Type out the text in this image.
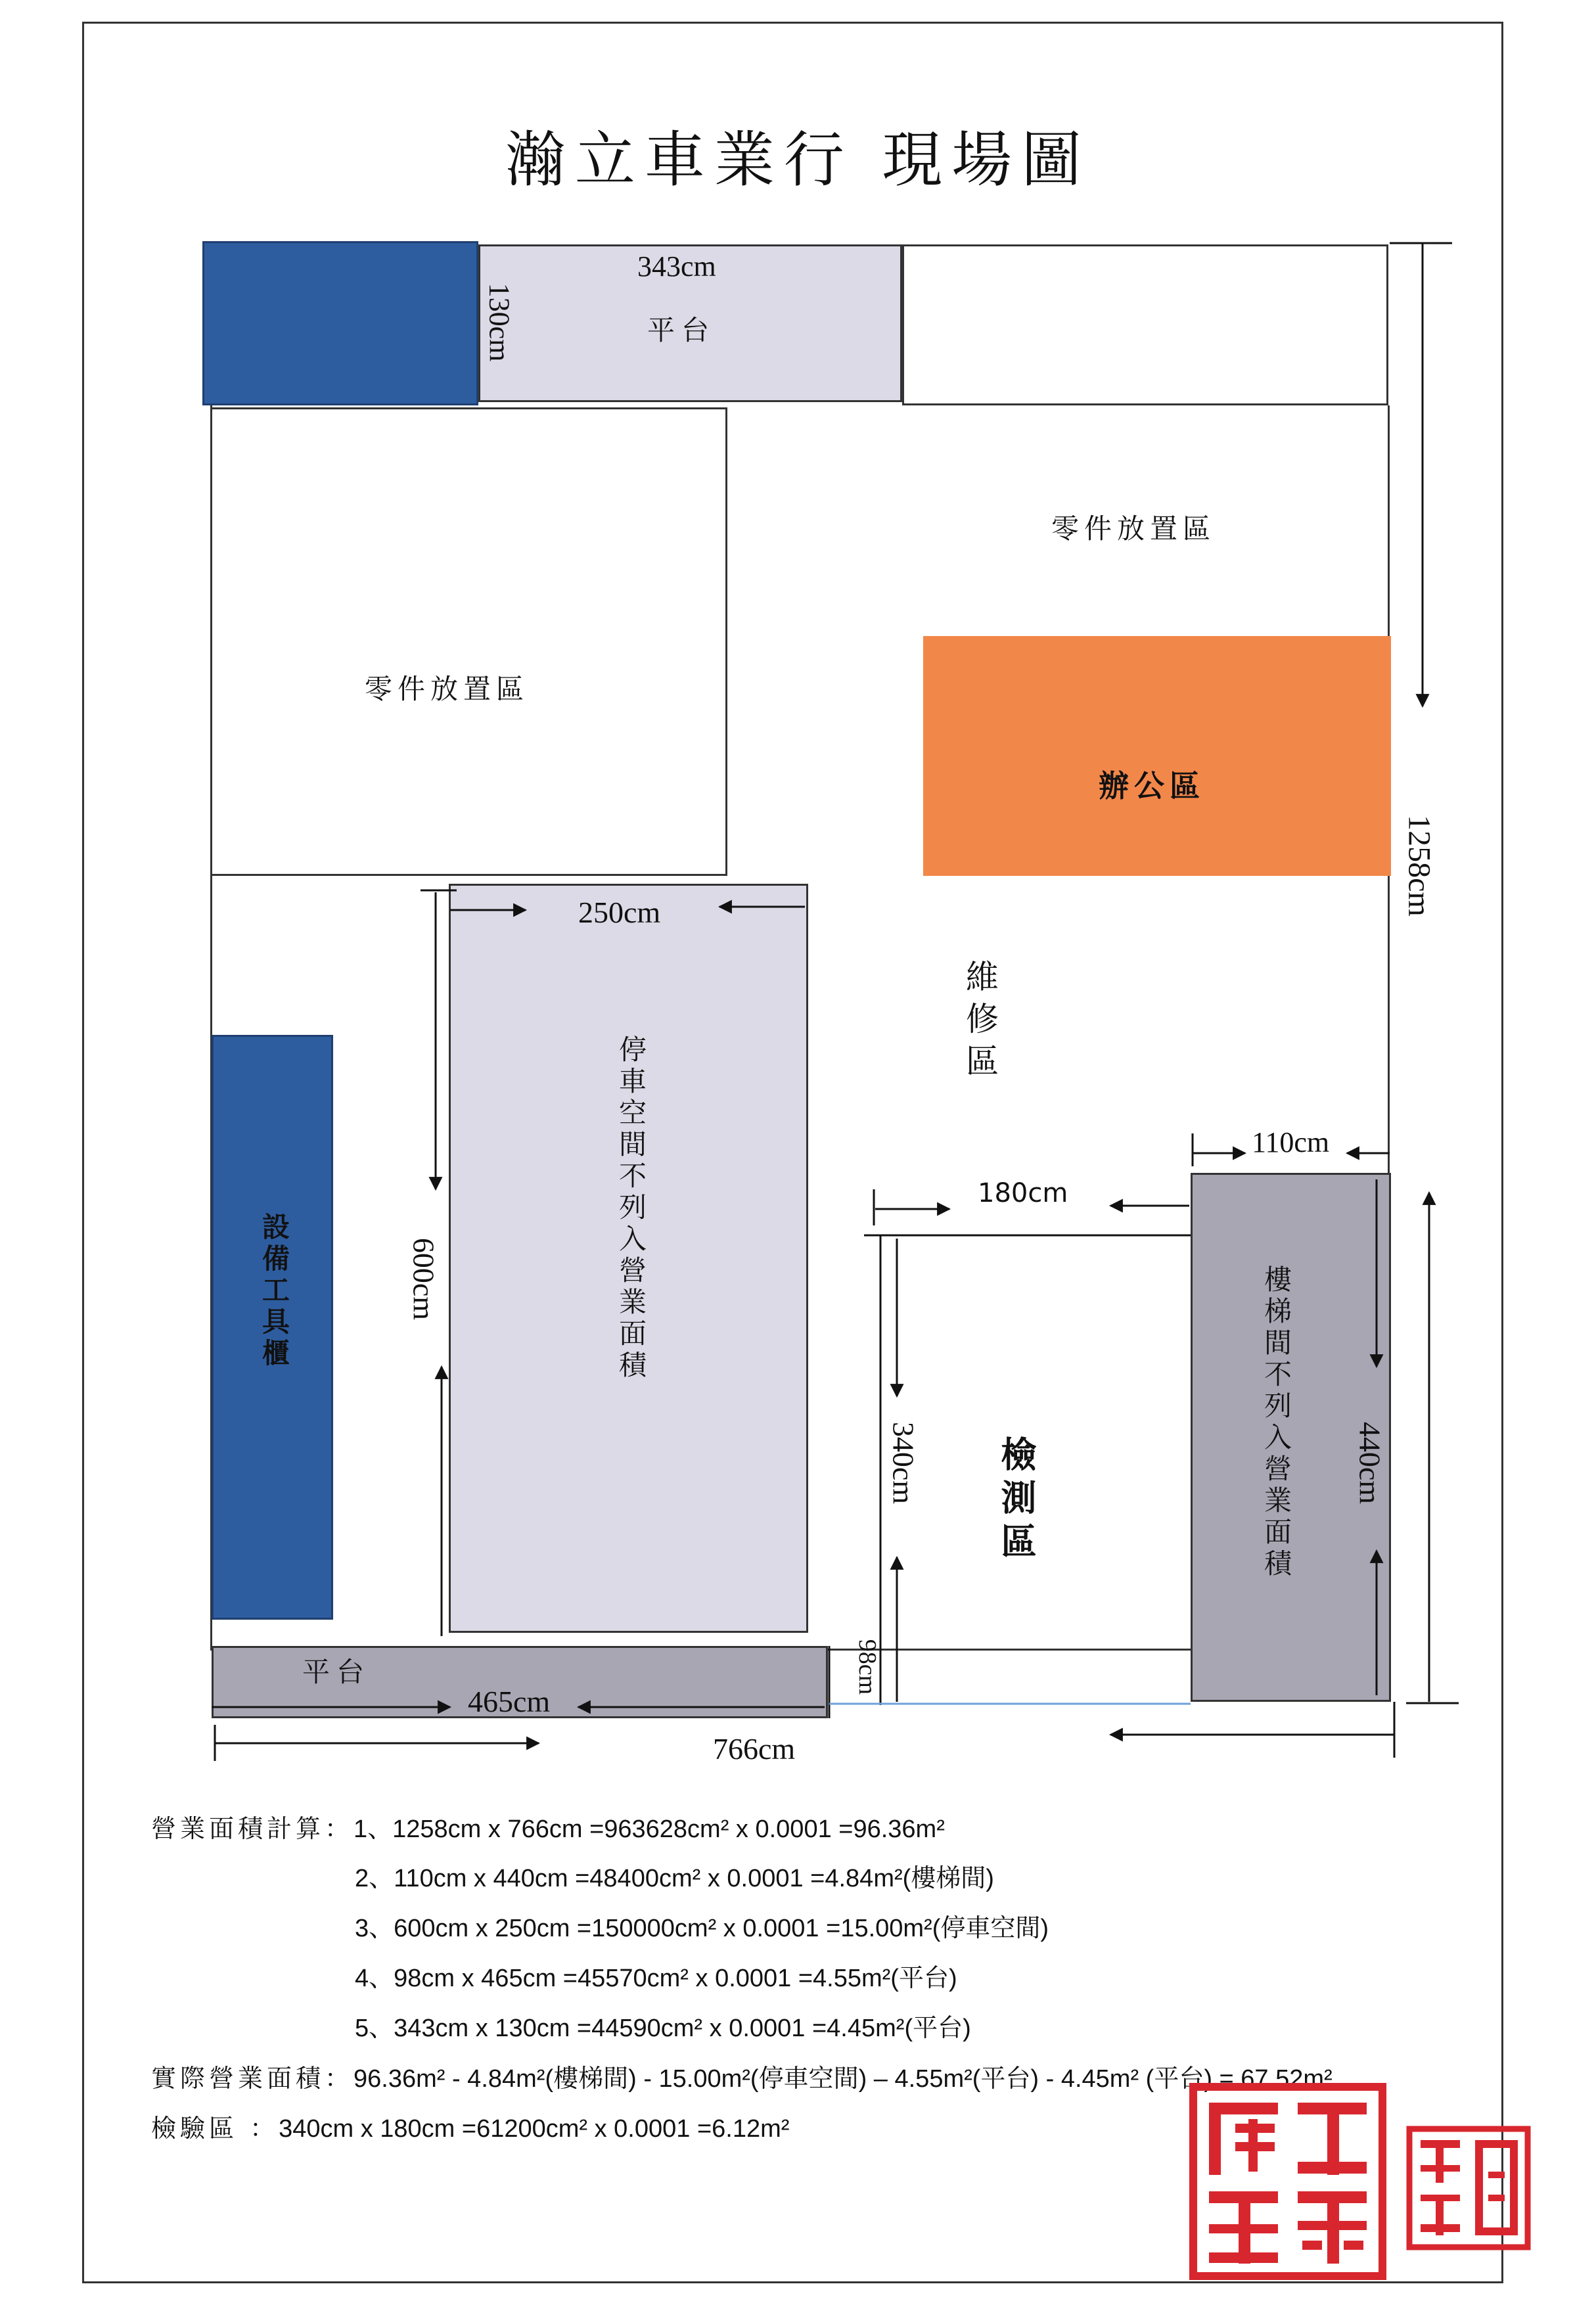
瀚立車業行 現場圖
平台
343cm
130cm
零件放置區
零件放置區
辦公區
維修區
設備工具櫃	停車空間不列入營業面積
250cm
600cm
180cm
340cm 檢測區	樓梯間不列入營業面積
110cm
440cm
平台
465cm
98cm
766cm
1258cm
營業面積計算：1、1258cm x 766cm =963628cm² x 0.0001 =96.36m²
2、110cm x 440cm =48400cm² x 0.0001 =4.84m²(樓梯間)
3、600cm x 250cm =150000cm² x 0.0001 =15.00m²(停車空間)
4、98cm x 465cm =45570cm² x 0.0001 =4.55m²(平台)
5、343cm x 130cm =44590cm² x 0.0001 =4.45m²(平台)
實際營業面積：96.36m² - 4.84m²(樓梯間) - 15.00m²(停車空間) – 4.55m²(平台) - 4.45m² (平台) = 67.52m²
檢驗區 ：340cm x 180cm =61200cm² x 0.0001 =6.12m²
